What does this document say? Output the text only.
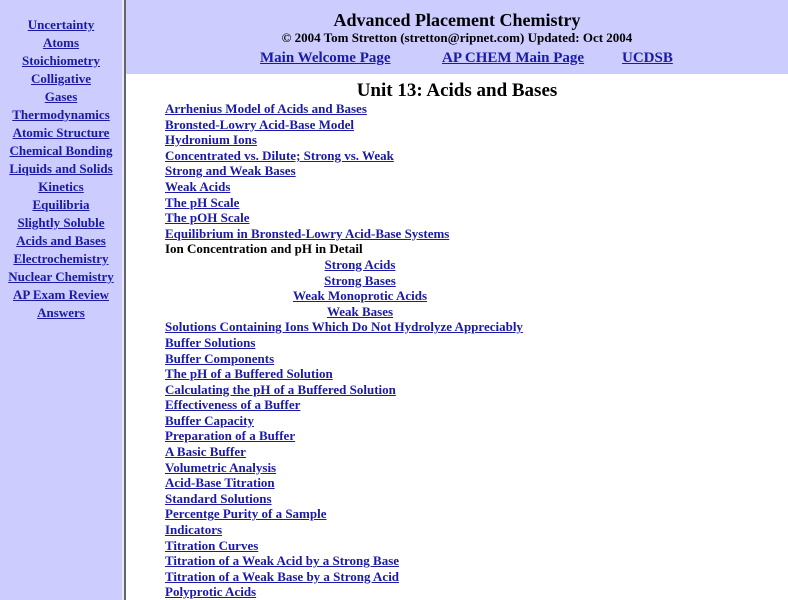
Uncertainty
Atoms
Stoichiometry
Colligative
Gases
Thermodynamics
Atomic Structure
Chemical Bonding
Liquids and Solids
Kinetics
Equilibria
Slightly Soluble
Acids and Bases
Electrochemistry
Nuclear Chemistry
AP Exam Review
Answers
Advanced Placement Chemistry
© 2004 Tom Stretton (stretton@ripnet.com) Updated: Oct 2004
Main Welcome Page	AP CHEM Main Page	UCDSB
Unit 13: Acids and Bases
Arrhenius Model of Acids and Bases
Bronsted-Lowry Acid-Base Model
Hydronium Ions
Concentrated vs. Dilute; Strong vs. Weak
Strong and Weak Bases
Weak Acids
The pH Scale
The pOH Scale
Equilibrium in Bronsted-Lowry Acid-Base Systems
Ion Concentration and pH in Detail
Strong Acids
Strong Bases
Weak Monoprotic Acids
Weak Bases
Solutions Containing Ions Which Do Not Hydrolyze Appreciably
Buffer Solutions
Buffer Components
The pH of a Buffered Solution
Calculating the pH of a Buffered Solution
Effectiveness of a Buffer
Buffer Capacity
Preparation of a Buffer
A Basic Buffer
Volumetric Analysis
Acid-Base Titration
Standard Solutions
Percentge Purity of a Sample
Indicators
Titration Curves
Titration of a Weak Acid by a Strong Base
Titration of a Weak Base by a Strong Acid
Polyprotic Acids
